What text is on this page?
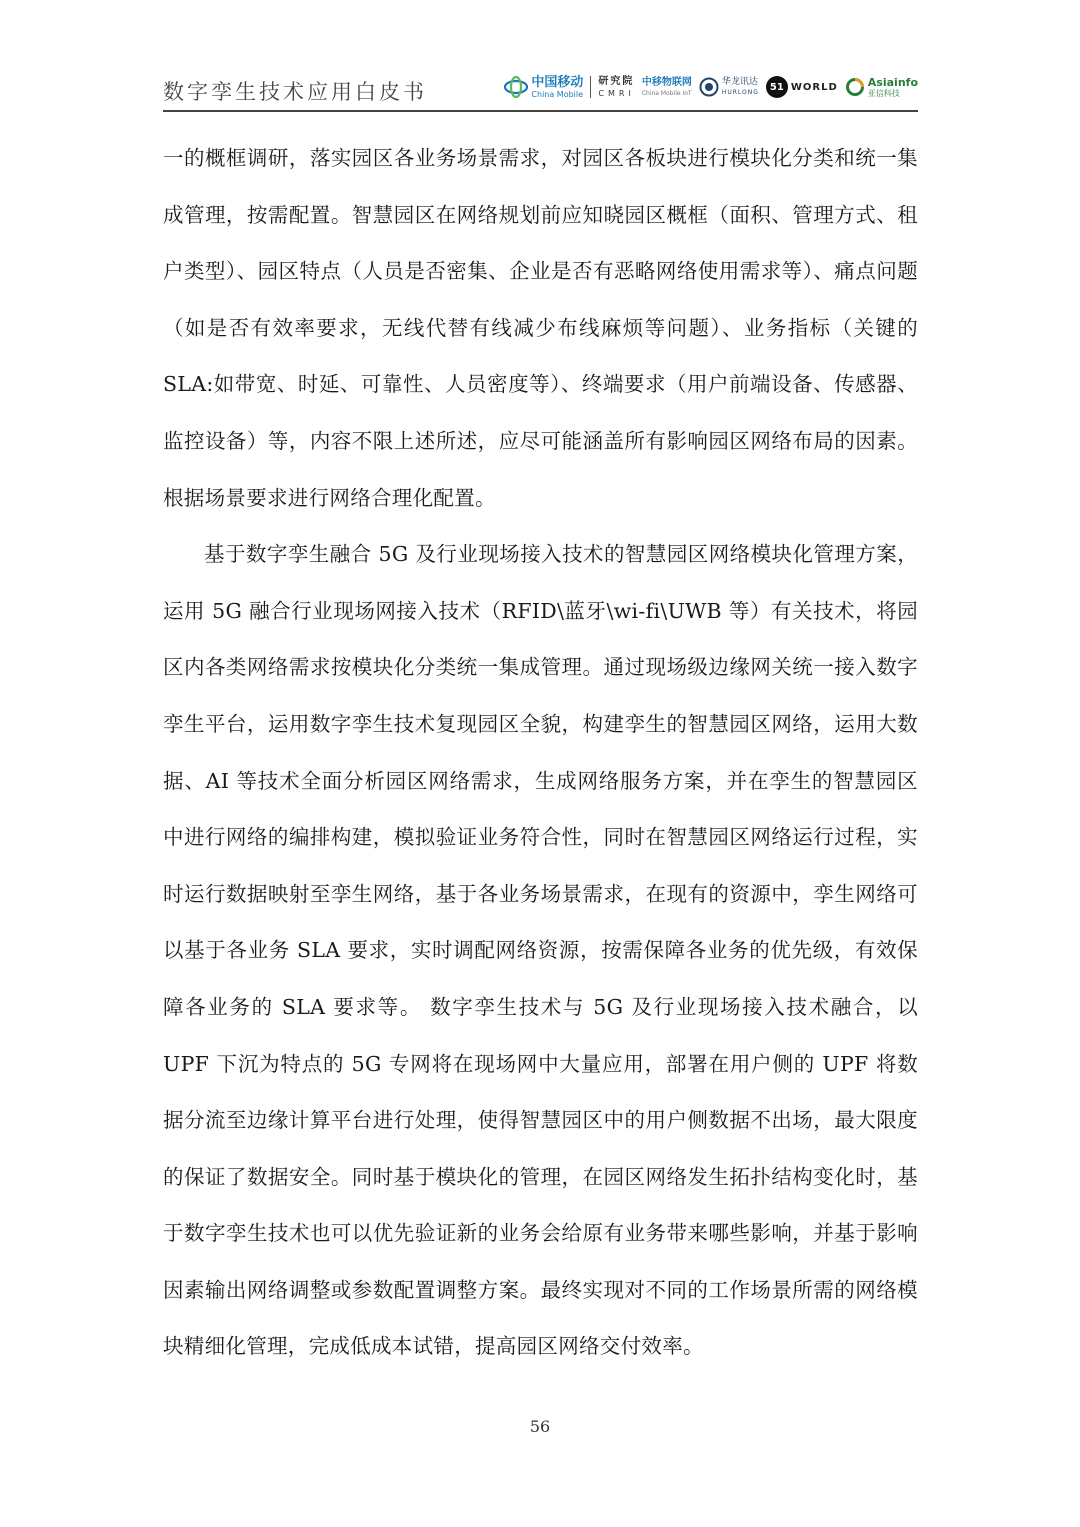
数字孪生技术应用白皮书	中国移动
China Mobile
研究院
CMRI
中移物联网
China Mobile IoT
华龙讯达
HURLONG	51 WORLD	Asiainfo
亚信科技

一的概框调研，落实园区各业务场景需求，对园区各板块进行模块化分类和统一集成管理，按需配置。智慧园区在网络规划前应知晓园区概框（面积、管理方式、租户类型）、园区特点（人员是否密集、企业是否有恶略网络使用需求等）、痛点问题（如是否有效率要求，无线代替有线减少布线麻烦等问题）、业务指标（关键的 SLA:如带宽、时延、可靠性、人员密度等）、终端要求（用户前端设备、传感器、监控设备）等，内容不限上述所述，应尽可能涵盖所有影响园区网络布局的因素。根据场景要求进行网络合理化配置。

基于数字孪生融合 5G 及行业现场接入技术的智慧园区网络模块化管理方案，运用 5G 融合行业现场网接入技术（RFID\蓝牙\wi-fi\UWB 等）有关技术，将园区内各类网络需求按模块化分类统一集成管理。通过现场级边缘网关统一接入数字孪生平台，运用数字孪生技术复现园区全貌，构建孪生的智慧园区网络，运用大数据、AI 等技术全面分析园区网络需求，生成网络服务方案，并在孪生的智慧园区中进行网络的编排构建，模拟验证业务符合性，同时在智慧园区网络运行过程，实时运行数据映射至孪生网络，基于各业务场景需求，在现有的资源中，孪生网络可以基于各业务 SLA 要求，实时调配网络资源，按需保障各业务的优先级，有效保障各业务的 SLA 要求等。 数字孪生技术与 5G 及行业现场接入技术融合，以 UPF 下沉为特点的 5G 专网将在现场网中大量应用，部署在用户侧的 UPF 将数据分流至边缘计算平台进行处理，使得智慧园区中的用户侧数据不出场，最大限度的保证了数据安全。同时基于模块化的管理，在园区网络发生拓扑结构变化时，基于数字孪生技术也可以优先验证新的业务会给原有业务带来哪些影响，并基于影响因素输出网络调整或参数配置调整方案。最终实现对不同的工作场景所需的网络模块精细化管理，完成低成本试错，提高园区网络交付效率。

56
